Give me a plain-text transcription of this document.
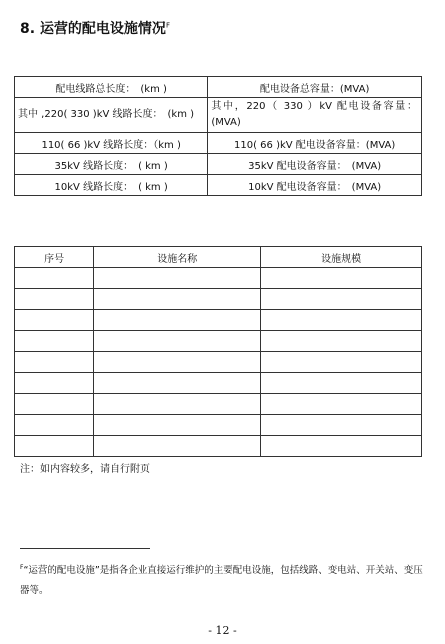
8. 运营的配电设施情况$^F$
配电线路总长度：　(km )	配电设备总容量：(MVA)
其中 ,220( 330 )kV 线路长度：　(km )	其中，220（ 330 ）kV 配电设备容量：(MVA)
110( 66 )kV 线路长度：（km )	110( 66 )kV 配电设备容量：(MVA)
35kV 线路长度：　( km )	35kV 配电设备容量：　(MVA)
10kV 线路长度：　( km )	10kV 配电设备容量：　(MVA)
序号	设施名称	设施规模

注：如内容较多，请自行附页
$^F$“运营的配电设施”是指各企业直接运行维护的主要配电设施，包括线路、变电站、开关站、变压器等。
- 12 -
